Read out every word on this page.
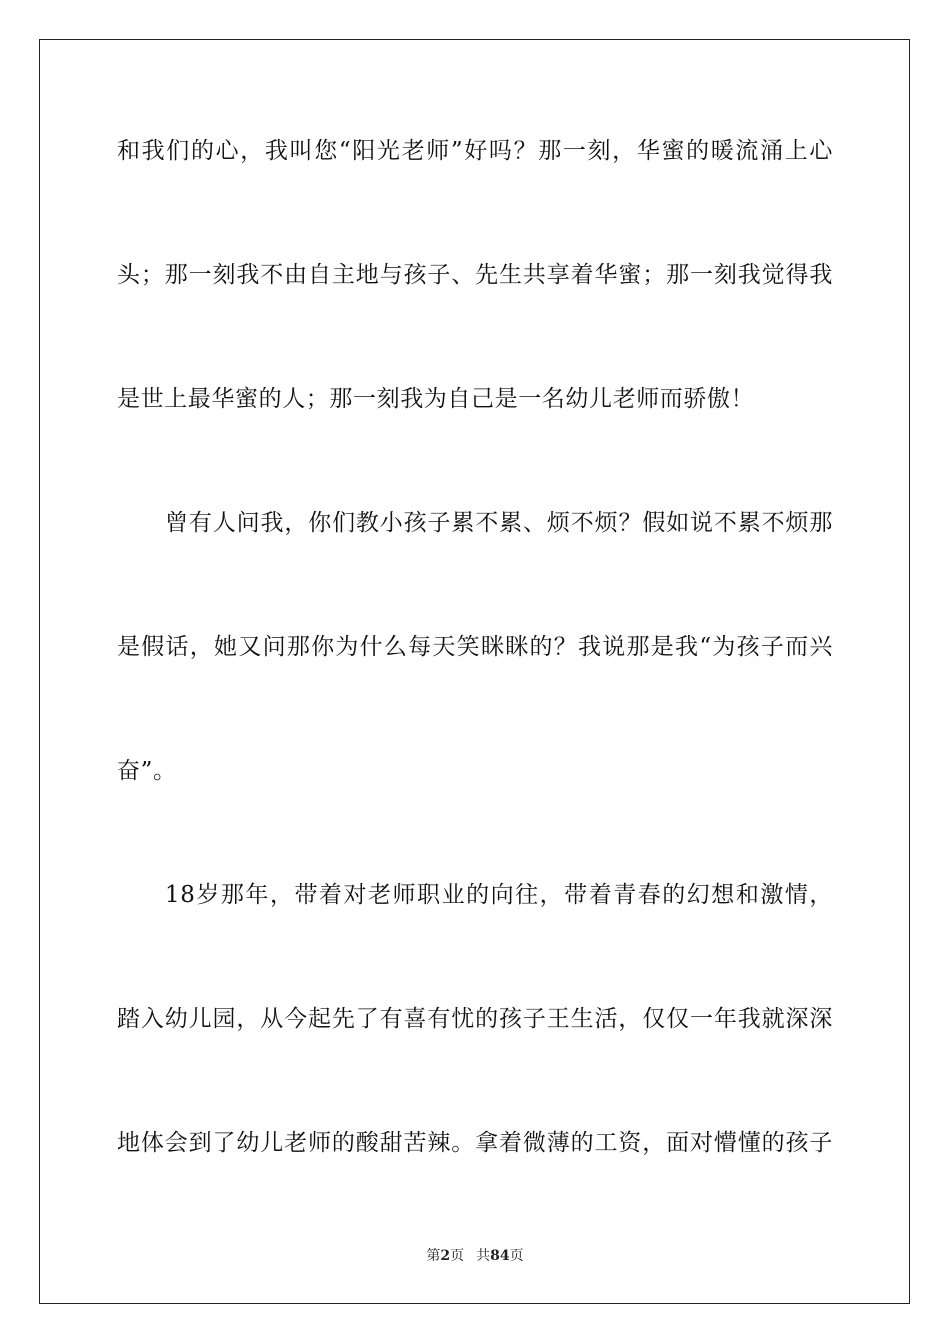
和我们的心，我叫您“阳光老师”好吗？那一刻，华蜜的暖流涌上心
头；那一刻我不由自主地与孩子、先生共享着华蜜；那一刻我觉得我
是世上最华蜜的人；那一刻我为自己是一名幼儿老师而骄傲！
曾有人问我，你们教小孩子累不累、烦不烦？假如说不累不烦那
是假话，她又问那你为什么每天笑眯眯的？我说那是我“为孩子而兴
奋”。
18岁那年，带着对老师职业的向往，带着青春的幻想和激情，
踏入幼儿园，从今起先了有喜有忧的孩子王生活，仅仅一年我就深深
地体会到了幼儿老师的酸甜苦辣。拿着微薄的工资，面对懵懂的孩子
第2页 共84页
